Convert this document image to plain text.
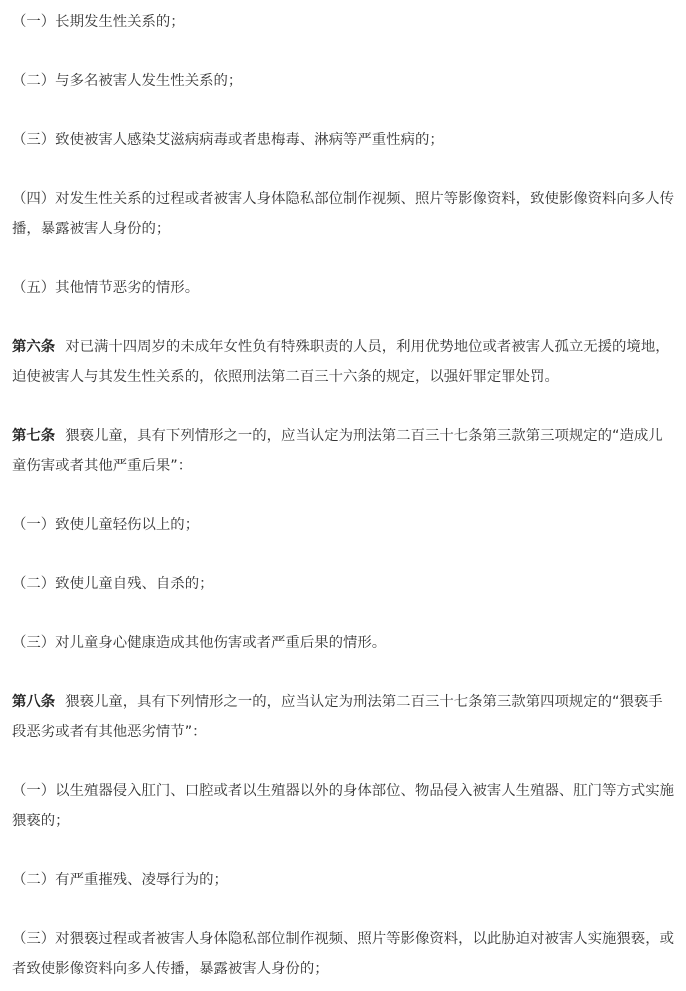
（一）长期发生性关系的；

（二）与多名被害人发生性关系的；

（三）致使被害人感染艾滋病病毒或者患梅毒、淋病等严重性病的；

（四）对发生性关系的过程或者被害人身体隐私部位制作视频、照片等影像资料，致使影像资料向多人传播，暴露被害人身份的；

（五）其他情节恶劣的情形。

第六条 对已满十四周岁的未成年女性负有特殊职责的人员，利用优势地位或者被害人孤立无援的境地，迫使被害人与其发生性关系的，依照刑法第二百三十六条的规定，以强奸罪定罪处罚。

第七条 猥亵儿童，具有下列情形之一的，应当认定为刑法第二百三十七条第三款第三项规定的“造成儿童伤害或者其他严重后果”：

（一）致使儿童轻伤以上的；

（二）致使儿童自残、自杀的；

（三）对儿童身心健康造成其他伤害或者严重后果的情形。

第八条 猥亵儿童，具有下列情形之一的，应当认定为刑法第二百三十七条第三款第四项规定的“猥亵手段恶劣或者有其他恶劣情节”：

（一）以生殖器侵入肛门、口腔或者以生殖器以外的身体部位、物品侵入被害人生殖器、肛门等方式实施猥亵的；

（二）有严重摧残、凌辱行为的；

（三）对猥亵过程或者被害人身体隐私部位制作视频、照片等影像资料，以此胁迫对被害人实施猥亵，或者致使影像资料向多人传播，暴露被害人身份的；
